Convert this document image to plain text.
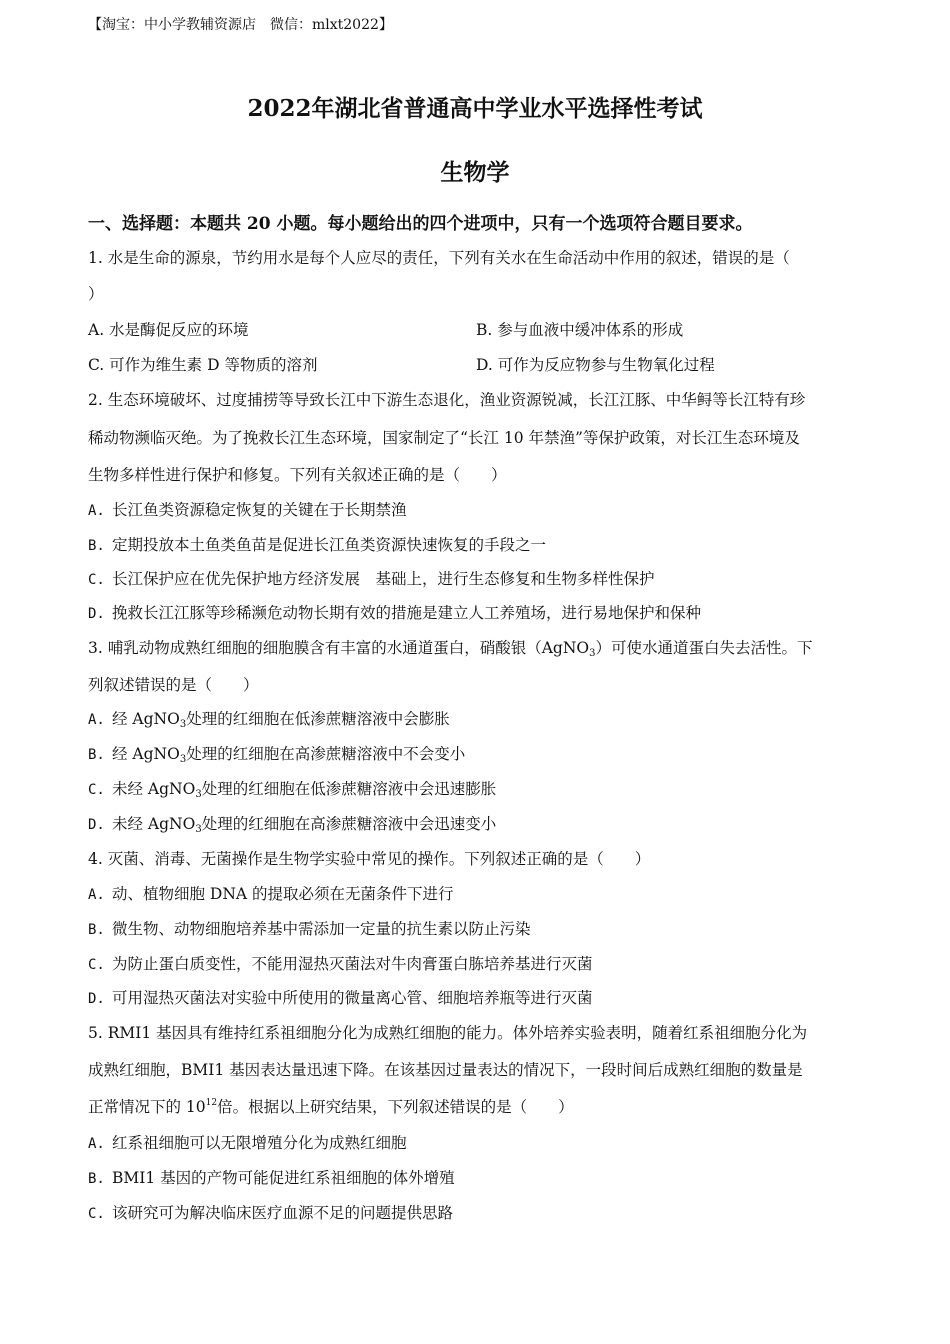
【淘宝：中小学教辅资源店　微信：mlxt2022】
2022年湖北省普通高中学业水平选择性考试
生物学
一、选择题：本题共 20 小题。每小题给出的四个进项中，只有一个选项符合题目要求。
1. 水是生命的源泉，节约用水是每个人应尽的责任，下列有关水在生命活动中作用的叙述，错误的是（
）
A. 水是酶促反应的环境	B. 参与血液中缓冲体系的形成
C. 可作为维生素 D 等物质的溶剂	D. 可作为反应物参与生物氧化过程
2. 生态环境破坏、过度捕捞等导致长江中下游生态退化，渔业资源锐减，长江江豚、中华鲟等长江特有珍
稀动物濒临灭绝。为了挽救长江生态环境，国家制定了“长江 10 年禁渔”等保护政策，对长江生态环境及
生物多样性进行保护和修复。下列有关叙述正确的是（　　）
A. 长江鱼类资源稳定恢复的关键在于长期禁渔
B. 定期投放本土鱼类鱼苗是促进长江鱼类资源快速恢复的手段之一
C. 长江保护应在优先保护地方经济发展　基础上，进行生态修复和生物多样性保护
D. 挽救长江江豚等珍稀濒危动物长期有效的措施是建立人工养殖场，进行易地保护和保种
3. 哺乳动物成熟红细胞的细胞膜含有丰富的水通道蛋白，硝酸银（AgNO$_3$）可使水通道蛋白失去活性。下
列叙述错误的是（　　）
A. 经 AgNO$_3$处理的红细胞在低渗蔗糖溶液中会膨胀
B. 经 AgNO$_3$处理的红细胞在高渗蔗糖溶液中不会变小
C. 未经 AgNO$_3$处理的红细胞在低渗蔗糖溶液中会迅速膨胀
D. 未经 AgNO$_3$处理的红细胞在高渗蔗糖溶液中会迅速变小
4. 灭菌、消毒、无菌操作是生物学实验中常见的操作。下列叙述正确的是（　　）
A. 动、植物细胞 DNA 的提取必须在无菌条件下进行
B. 微生物、动物细胞培养基中需添加一定量的抗生素以防止污染
C. 为防止蛋白质变性，不能用湿热灭菌法对牛肉膏蛋白胨培养基进行灭菌
D. 可用湿热灭菌法对实验中所使用的微量离心管、细胞培养瓶等进行灭菌
5. RMI1 基因具有维持红系祖细胞分化为成熟红细胞的能力。体外培养实验表明，随着红系祖细胞分化为
成熟红细胞，BMI1 基因表达量迅速下降。在该基因过量表达的情况下，一段时间后成熟红细胞的数量是
正常情况下的 $10^{12}$倍。根据以上研究结果，下列叙述错误的是（　　）
A. 红系祖细胞可以无限增殖分化为成熟红细胞
B. BMI1 基因的产物可能促进红系祖细胞的体外增殖
C. 该研究可为解决临床医疗血源不足的问题提供思路
